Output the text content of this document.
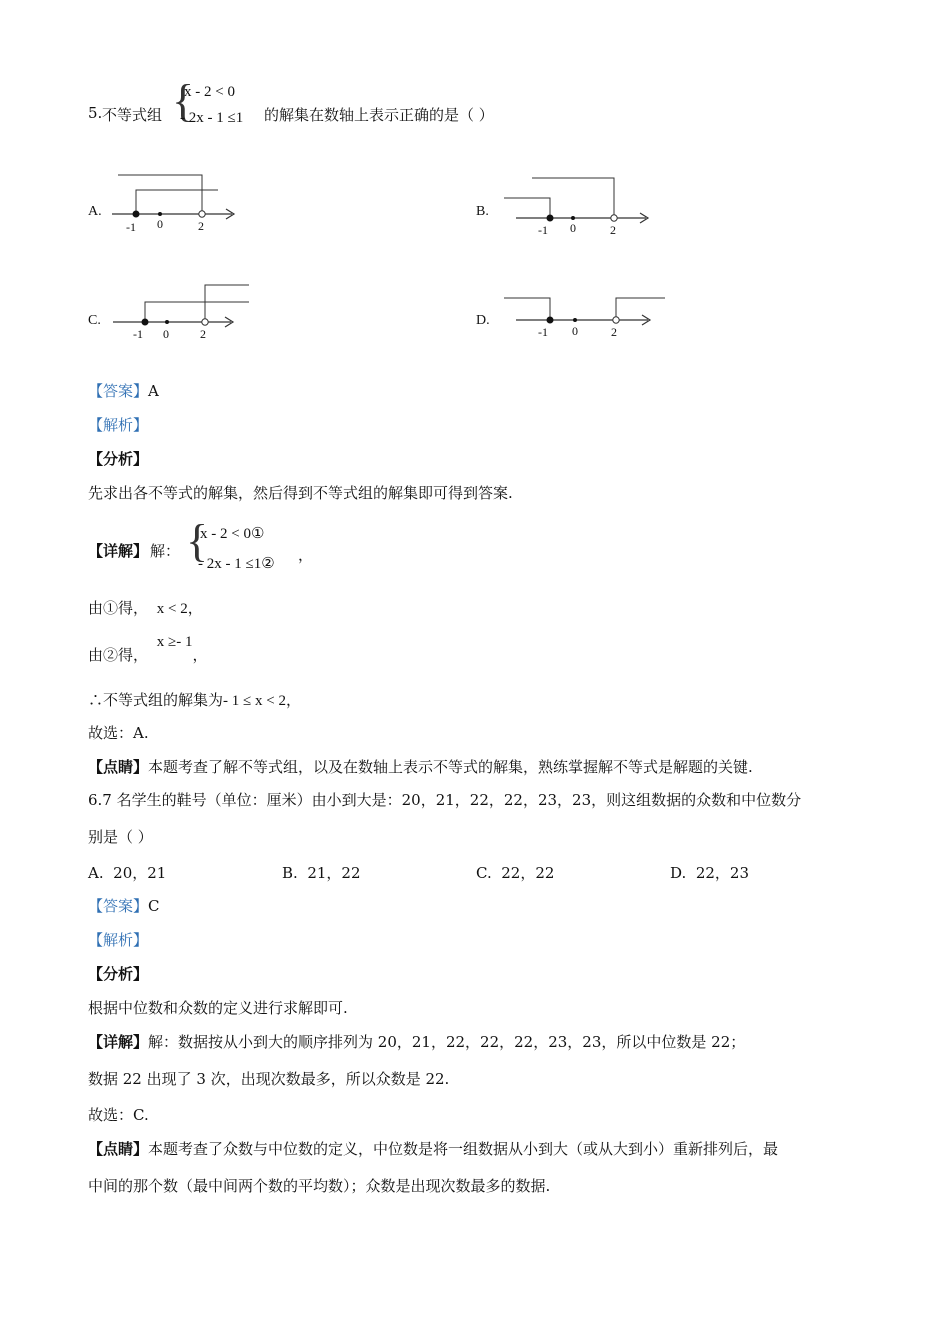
5. 不等式组 {
x - 2 < 0
- 2x - 1 ≤1 的解集在数轴上表示正确的是（ ）
A.
-1 0	2
B.
-1 0	2
C.
-1 0	2
D.
-1 0	2
【答案】A
【解析】
【分析】
先求出各不等式的解集，然后得到不等式组的解集即可得到答案.
【详解】 解： {
x - 2 < 0①
- 2x - 1 ≤1② ，
由①得， x < 2，
由②得， x ≥- 1，
∴不等式组的解集为- 1 ≤ x < 2，
故选：A.
【点睛】本题考查了解不等式组，以及在数轴上表示不等式的解集，熟练掌握解不等式是解题的关键.
6.7 名学生的鞋号（单位：厘米）由小到大是：20，21，22，22，23，23，则这组数据的众数和中位数分
别是（ ）
A. 20，21	B. 21，22	C. 22，22	D. 22，23
【答案】C
【解析】
【分析】
根据中位数和众数的定义进行求解即可.
【详解】解：数据按从小到大的顺序排列为 20，21，22，22，22，23，23，所以中位数是 22；
数据 22 出现了 3 次，出现次数最多，所以众数是 22.
故选：C.
【点睛】本题考查了众数与中位数的定义，中位数是将一组数据从小到大（或从大到小）重新排列后，最
中间的那个数（最中间两个数的平均数）；众数是出现次数最多的数据.
